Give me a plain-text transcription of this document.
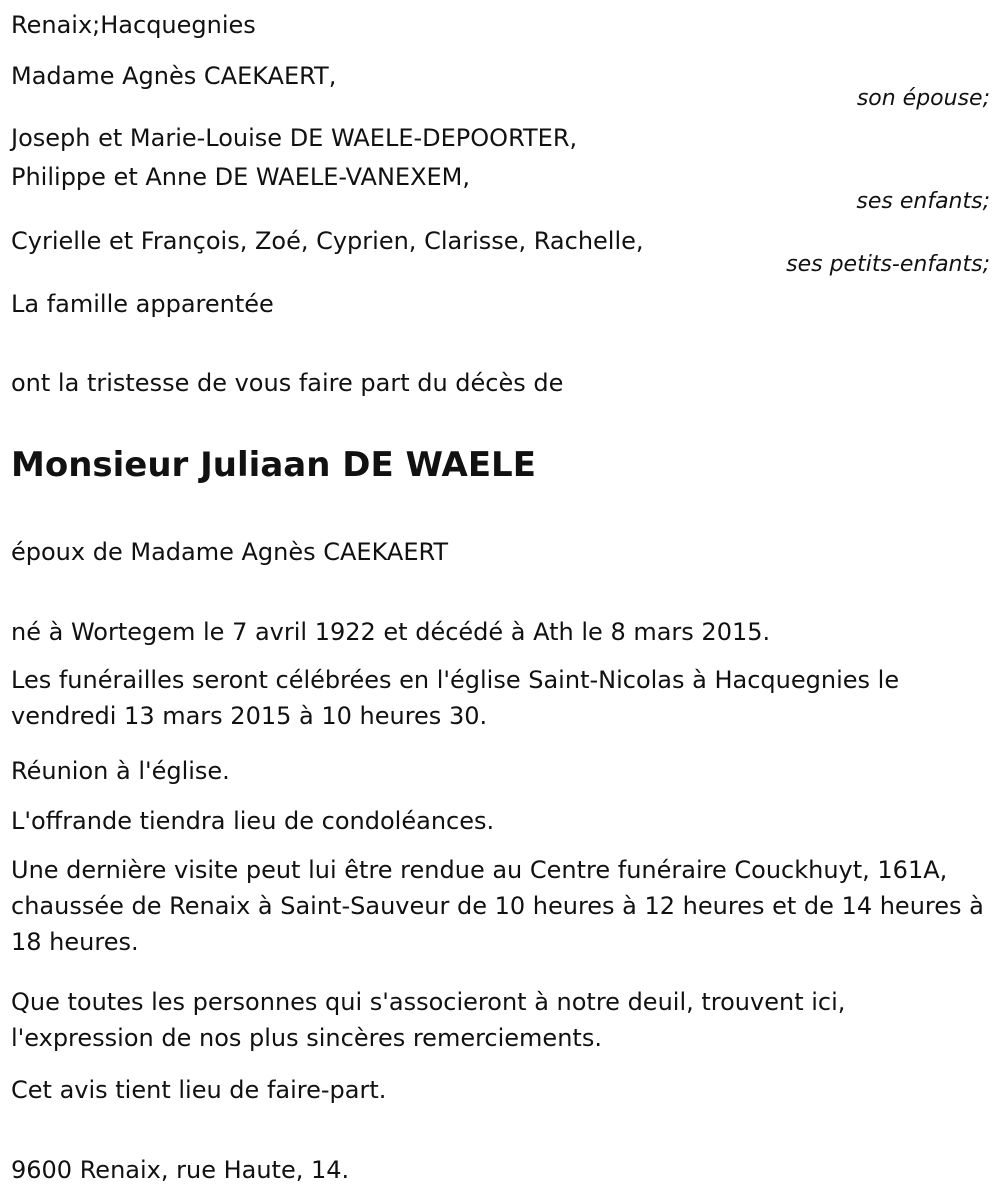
Renaix;Hacquegnies
Madame Agnès CAEKAERT,
son épouse;
Joseph et Marie-Louise DE WAELE-DEPOORTER,
Philippe et Anne DE WAELE-VANEXEM,
ses enfants;
Cyrielle et François, Zoé, Cyprien, Clarisse, Rachelle,
ses petits-enfants;
La famille apparentée
ont la tristesse de vous faire part du décès de
Monsieur Juliaan DE WAELE
époux de Madame Agnès CAEKAERT
né à Wortegem le 7 avril 1922 et décédé à Ath le 8 mars 2015.
Les funérailles seront célébrées en l'église Saint-Nicolas à Hacquegnies le vendredi 13 mars 2015 à 10 heures 30.
Réunion à l'église.
L'offrande tiendra lieu de condoléances.
Une dernière visite peut lui être rendue au Centre funéraire Couckhuyt, 161A, chaussée de Renaix à Saint-Sauveur de 10 heures à 12 heures et de 14 heures à 18 heures.
Que toutes les personnes qui s'associeront à notre deuil, trouvent ici, l'expression de nos plus sincères remerciements.
Cet avis tient lieu de faire-part.
9600 Renaix, rue Haute, 14.
